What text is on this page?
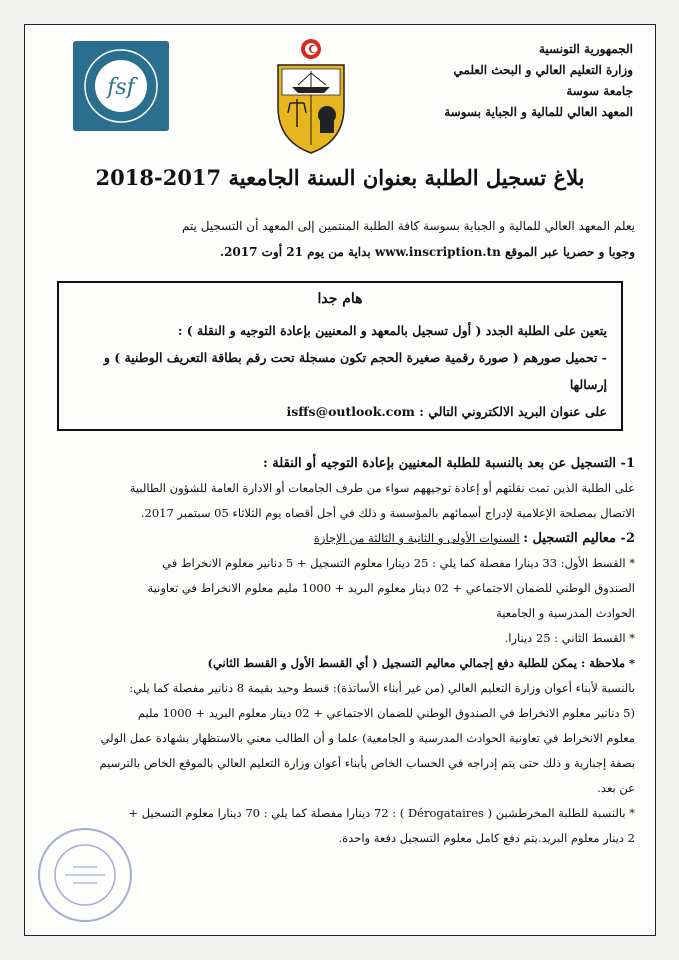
fsf
الجمهورية التونسية
وزارة التعليم العالي و البحث العلمي
جامعة سوسة
المعهد العالي للمالية و الجباية بسوسة
بلاغ تسجيل الطلبة بعنوان السنة الجامعية 2017-2018
يعلم المعهد العالي للمالية و الجباية بسوسة كافة الطلبة المنتمين إلى المعهد أن التسجيل يتم
وجوبا و حصريا عبر الموقع www.inscription.tn بداية من يوم 21 أوت 2017.
هام جدا

يتعين على الطلبة الجدد ( أول تسجيل بالمعهد و المعنيين بإعادة التوجيه و النقلة ) :

- تحميل صورهم ( صورة رقمية صغيرة الحجم تكون مسجلة تحت رقم بطاقة التعريف الوطنية ) و إرسالها

على عنوان البريد الالكتروني التالي : isffs@outlook.com

1- التسجيل عن بعد بالنسبة للطلبة المعنيين بإعادة التوجيه أو النقلة :

على الطلبة الذين تمت نقلتهم أو إعادة توجيههم سواء من طرف الجامعات أو الادارة العامة للشؤون الطالبية

الاتصال بمصلحة الإعلامية لإدراج أسمائهم بالمؤسسة و ذلك في أجل أقصاه يوم الثلاثاء 05 سبتمبر 2017.

2- معاليم التسجيل : السنوات الأولى و الثانية و الثالثة من الإجازة

* القسط الأول: 33 دينارا مفصلة كما يلي : 25 دينارا معلوم التسجيل + 5 دنانير معلوم الانخراط في

الصندوق الوطني للضمان الاجتماعي + 02 دينار معلوم البريد + 1000 مليم معلوم الانخراط في تعاونية

الحوادث المدرسية و الجامعية

* القسط الثاني : 25 دينارا.

* ملاحظة : يمكن للطلبة دفع إجمالي معاليم التسجيل ( أي القسط الأول و القسط الثاني)

بالنسبة لأبناء أعوان وزارة التعليم العالي (من غير أبناء الأساتذة): قسط وحيد بقيمة 8 دنانير مفصلة كما يلي:

(5 دنانير معلوم الانخراط في الصندوق الوطني للضمان الاجتماعي + 02 دينار معلوم البريد + 1000 مليم

معلوم الانخراط في تعاونية الحوادث المدرسية و الجامعية) علما و أن الطالب معني بالاستظهار بشهادة عمل الولي

بصفة إجبارية و ذلك حتى يتم إدراجه في الحساب الخاص بأبناء أعوان وزارة التعليم العالي بالموقع الخاص بالترسيم

عن بعد.

* بالنسبة للطلبة المخرطشين ( Dérogataires ) : 72 دينارا مفصلة كما يلي : 70 دينارا معلوم التسجيل +

2 دينار معلوم البريد.يتم دفع كامل معلوم التسجيل دفعة واحدة.
